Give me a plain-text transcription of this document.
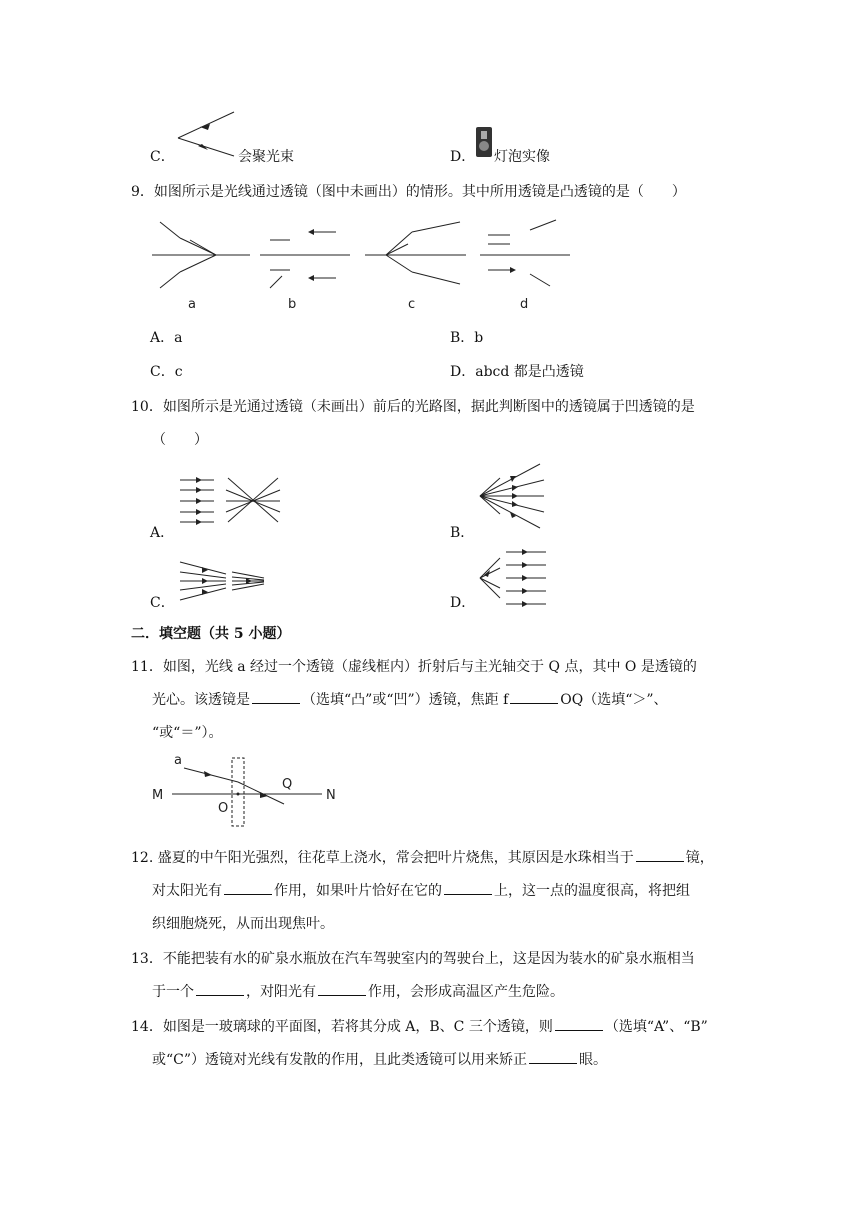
C．	会聚光束	D． 灯泡实像
9．如图所示是光线通过透镜（图中未画出）的情形。其中所用透镜是凸透镜的是（　　）
a	b	c	d
A．a	B．b
C．c	D．abcd 都是凸透镜
10．如图所示是光通过透镜（未画出）前后的光路图，据此判断图中的透镜属于凹透镜的是
（　　）
A．	B．
C．	D．
二．填空题（共 5 小题）
11．如图，光线 a 经过一个透镜（虚线框内）折射后与主光轴交于 Q 点，其中 O 是透镜的
光心。该透镜是	（选填“凸”或“凹”）透镜，焦距 f	OQ（选填“＞”、
“或“＝”）。
a
M
O
Q
N
12. 盛夏的中午阳光强烈，往花草上浇水，常会把叶片烧焦，其原因是水珠相当于	镜，
对太阳光有	作用，如果叶片恰好在它的	上，这一点的温度很高，将把组
织细胞烧死，从而出现焦叶。
13．不能把装有水的矿泉水瓶放在汽车驾驶室内的驾驶台上，这是因为装水的矿泉水瓶相当
于一个	，对阳光有	作用，会形成高温区产生危险。
14．如图是一玻璃球的平面图，若将其分成 A，B、C 三个透镜，则	（选填“A”、“B”
或“C”）透镜对光线有发散的作用，且此类透镜可以用来矫正	眼。
